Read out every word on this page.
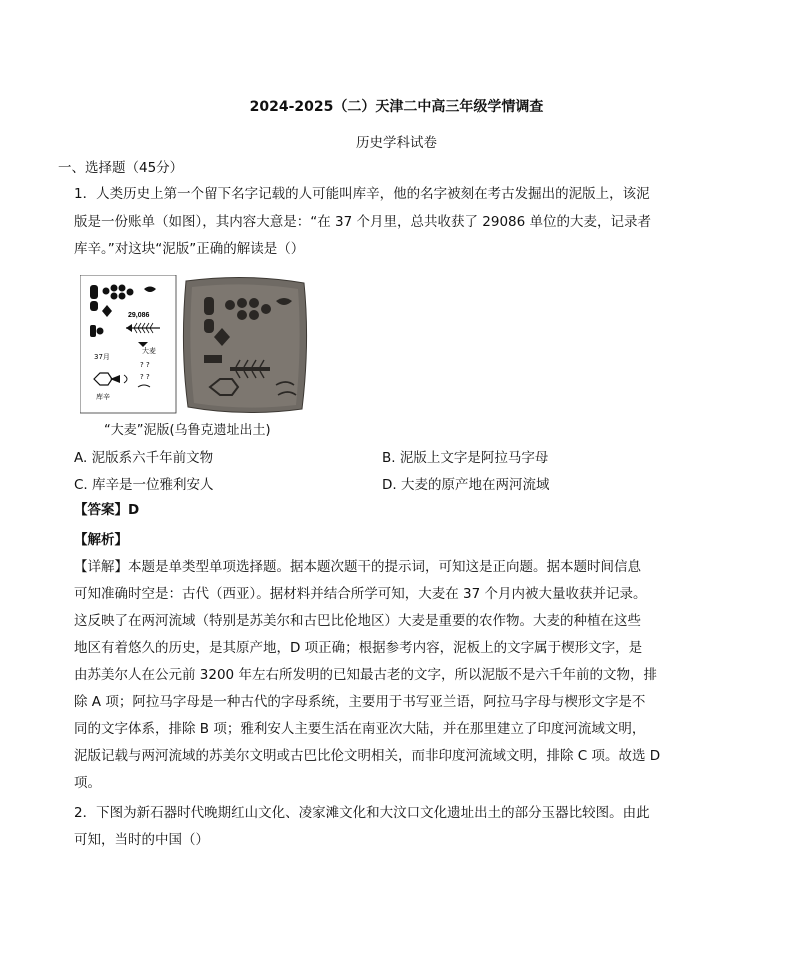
2024-2025（二）天津二中高三年级学情调查
历史学科试卷
一、选择题（45分）
1．人类历史上第一个留下名字记载的人可能叫库辛，他的名字被刻在考古发掘出的泥版上，该泥
版是一份账单（如图），其内容大意是：“在 37 个月里，总共收获了 29086 单位的大麦，记录者
库辛。”对这块“泥版”正确的解读是（）
29,086
37月
大麦
库辛
? ?
? ?
“大麦”泥版(乌鲁克遗址出土)
A. 泥版系六千年前文物	B. 泥版上文字是阿拉马字母
C. 库辛是一位雅利安人	D. 大麦的原产地在两河流域
【答案】D
【解析】
【详解】本题是单类型单项选择题。据本题次题干的提示词，可知这是正向题。据本题时间信息
可知准确时空是：古代（西亚）。据材料并结合所学可知，大麦在 37 个月内被大量收获并记录。
这反映了在两河流域（特别是苏美尔和古巴比伦地区）大麦是重要的农作物。大麦的种植在这些
地区有着悠久的历史，是其原产地，D 项正确；根据参考内容，泥板上的文字属于楔形文字，是
由苏美尔人在公元前 3200 年左右所发明的已知最古老的文字，所以泥版不是六千年前的文物，排
除 A 项；阿拉马字母是一种古代的字母系统，主要用于书写亚兰语，阿拉马字母与楔形文字是不
同的文字体系，排除 B 项；雅利安人主要生活在南亚次大陆，并在那里建立了印度河流域文明，
泥版记载与两河流域的苏美尔文明或古巴比伦文明相关，而非印度河流域文明，排除 C 项。故选 D
项。
2．下图为新石器时代晚期红山文化、凌家滩文化和大汶口文化遗址出土的部分玉器比较图。由此
可知，当时的中国（）
